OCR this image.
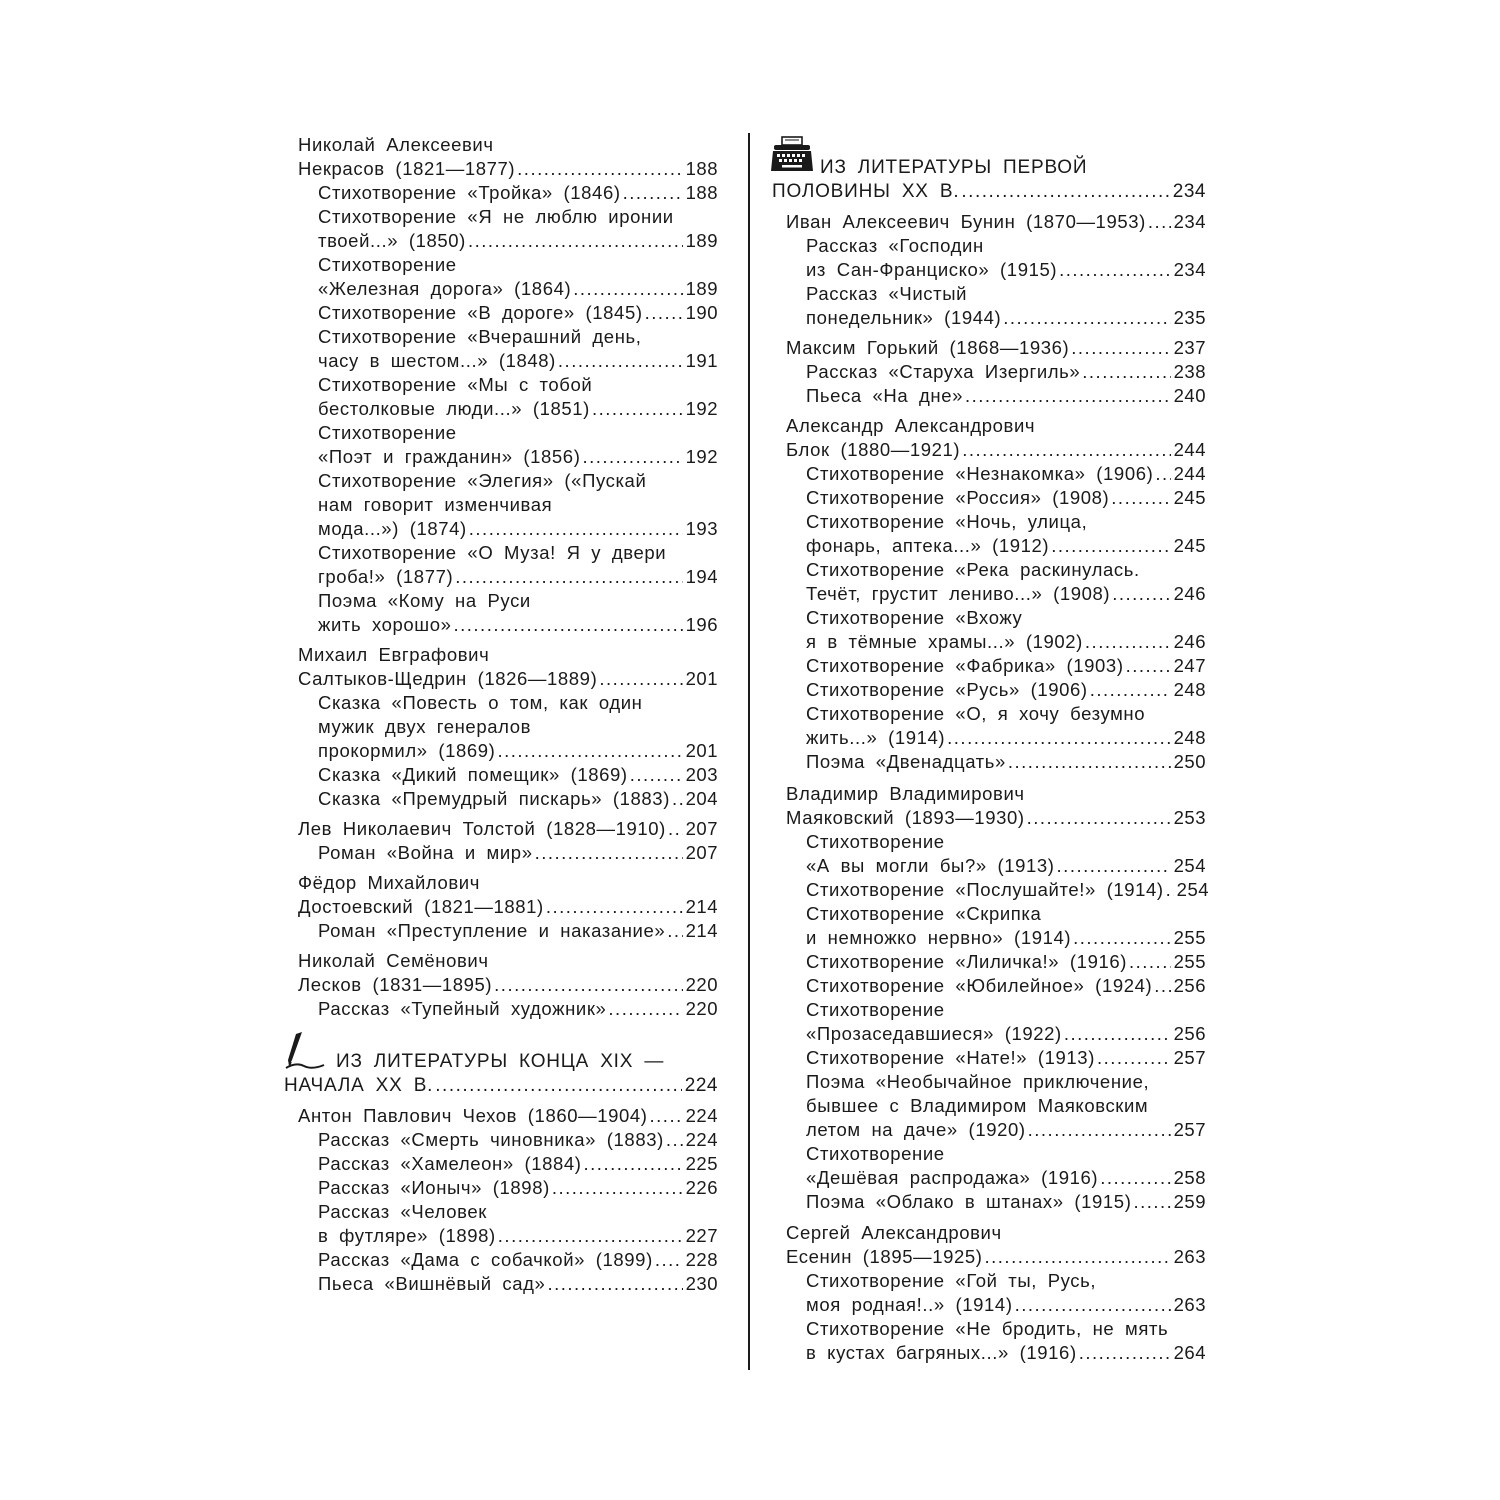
Николай Алексеевич
Некрасов (1821—1877) .....	188
Стихотворение «Тройка» (1846) .....	188
Стихотворение «Я не люблю иронии
твоей...» (1850) .....	189
Стихотворение
«Железная дорога» (1864) .....	189
Стихотворение «В дороге» (1845) ..... 190
Стихотворение «Вчерашний день,
часу в шестом...» (1848) .....	191
Стихотворение «Мы с тобой
бестолковые люди...» (1851) .....	192
Стихотворение
«Поэт и гражданин» (1856) .....	192
Стихотворение «Элегия» («Пускай
нам говорит изменчивая
мода...») (1874) .....	193
Стихотворение «О Муза! Я у двери
гроба!» (1877) .....	194
Поэма «Кому на Руси
жить хорошо» .....	196
Михаил Евграфович
Салтыков-Щедрин (1826—1889) .....	201
Сказка «Повесть о том, как один
мужик двух генералов
прокормил» (1869) .....	201
Сказка «Дикий помещик» (1869) .....	203
Сказка «Премудрый пискарь» (1883) ..... 204
Лев Николаевич Толстой (1828—1910) ..... 207
Роман «Война и мир» .....	207
Фёдор Михайлович
Достоевский (1821—1881) .....	214
Роман «Преступление и наказание» ..... 214
Николай Семёнович
Лесков (1831—1895) .....	220
Рассказ «Тупейный художник» .....	220
ИЗ ЛИТЕРАТУРЫ КОНЦА XIX —
НАЧАЛА XX В. .....	224
Антон Павлович Чехов (1860—1904) ..... 224
Рассказ «Смерть чиновника» (1883) ..... 224
Рассказ «Хамелеон» (1884) .....	225
Рассказ «Ионыч» (1898) .....	226
Рассказ «Человек
в футляре» (1898) .....	227
Рассказ «Дама с собачкой» (1899) ..... 228
Пьеса «Вишнёвый сад» .....	230
ИЗ ЛИТЕРАТУРЫ ПЕРВОЙ
ПОЛОВИНЫ XX В. .....	234
Иван Алексеевич Бунин (1870—1953) ..... 234
Рассказ «Господин
из Сан-Франциско» (1915) .....	234
Рассказ «Чистый
понедельник» (1944) .....	235
Максим Горький (1868—1936) .....	237
Рассказ «Старуха Изергиль» .....	238
Пьеса «На дне» .....	240
Александр Александрович
Блок (1880—1921) .....	244
Стихотворение «Незнакомка» (1906) ..... 244
Стихотворение «Россия» (1908) .....	245
Стихотворение «Ночь, улица,
фонарь, аптека...» (1912) .....	245
Стихотворение «Река раскинулась.
Течёт, грустит лениво...» (1908) .....	246
Стихотворение «Вхожу
я в тёмные храмы...» (1902) .....	246
Стихотворение «Фабрика» (1903) .....	247
Стихотворение «Русь» (1906) .....	248
Стихотворение «О, я хочу безумно
жить...» (1914) .....	248
Поэма «Двенадцать» .....	250
Владимир Владимирович
Маяковский (1893—1930) .....	253
Стихотворение
«А вы могли бы?» (1913) .....	254
Стихотворение «Послушайте!» (1914) ..... 254
Стихотворение «Скрипка
и немножко нервно» (1914) .....	255
Стихотворение «Лиличка!» (1916) .....	255
Стихотворение «Юбилейное» (1924) ..... 256
Стихотворение
«Прозаседавшиеся» (1922) .....	256
Стихотворение «Нате!» (1913) .....	257
Поэма «Необычайное приключение,
бывшее с Владимиром Маяковским
летом на даче» (1920) .....	257
Стихотворение
«Дешёвая распродажа» (1916) .....	258
Поэма «Облако в штанах» (1915) ..... 259
Сергей Александрович
Есенин (1895—1925) .....	263
Стихотворение «Гой ты, Русь,
моя родная!..» (1914) .....	263
Стихотворение «Не бродить, не мять
в кустах багряных...» (1916) .....	264
